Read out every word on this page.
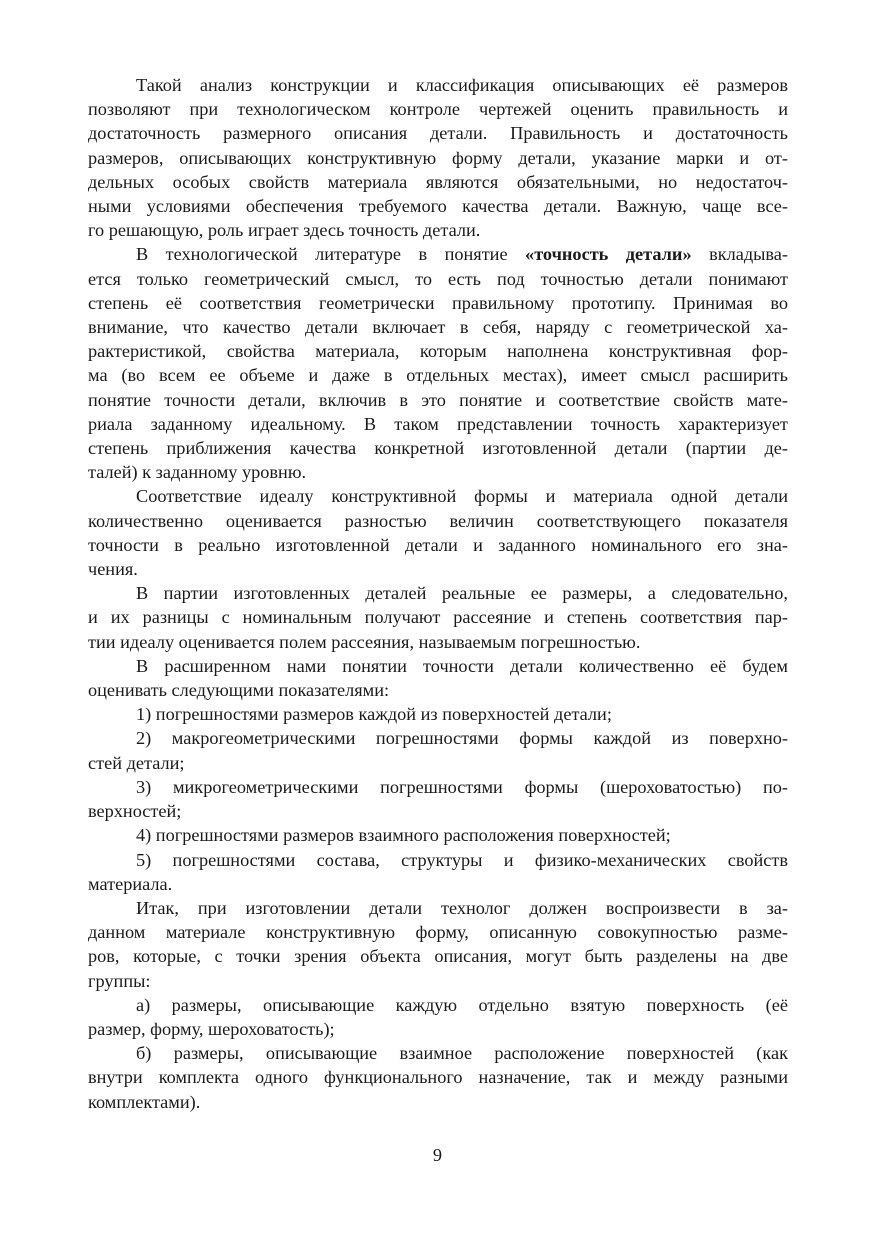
Такой анализ конструкции и классификация описывающих её размеров
позволяют при технологическом контроле чертежей оценить правильность и
достаточность размерного описания детали. Правильность и достаточность
размеров, описывающих конструктивную форму детали, указание марки и от-
дельных особых свойств материала являются обязательными, но недостаточ-
ными условиями обеспечения требуемого качества детали. Важную, чаще все-
го решающую, роль играет здесь точность детали.

В технологической литературе в понятие «точность детали» вкладыва-
ется только геометрический смысл, то есть под точностью детали понимают
степень её соответствия геометрически правильному прототипу. Принимая во
внимание, что качество детали включает в себя, наряду с геометрической ха-
рактеристикой, свойства материала, которым наполнена конструктивная фор-
ма (во всем ее объеме и даже в отдельных местах), имеет смысл расширить
понятие точности детали, включив в это понятие и соответствие свойств мате-
риала заданному идеальному. В таком представлении точность характеризует
степень приближения качества конкретной изготовленной детали (партии де-
талей) к заданному уровню.

Соответствие идеалу конструктивной формы и материала одной детали
количественно оценивается разностью величин соответствующего показателя
точности в реально изготовленной детали и заданного номинального его зна-
чения.

В партии изготовленных деталей реальные ее размеры, а следовательно,
и их разницы с номинальным получают рассеяние и степень соответствия пар-
тии идеалу оценивается полем рассеяния, называемым погрешностью.

В расширенном нами понятии точности детали количественно её будем
оценивать следующими показателями:

1) погрешностями размеров каждой из поверхностей детали;

2) макрогеометрическими погрешностями формы каждой из поверхно-
стей детали;

3) микрогеометрическими погрешностями формы (шероховатостью) по-
верхностей;

4) погрешностями размеров взаимного расположения поверхностей;

5) погрешностями состава, структуры и физико-механических свойств
материала.

Итак, при изготовлении детали технолог должен воспроизвести в за-
данном материале конструктивную форму, описанную совокупностью разме-
ров, которые, с точки зрения объекта описания, могут быть разделены на две
группы:

а) размеры, описывающие каждую отдельно взятую поверхность (её
размер, форму, шероховатость);

б) размеры, описывающие взаимное расположение поверхностей (как
внутри комплекта одного функционального назначение, так и между разными
комплектами).

9
